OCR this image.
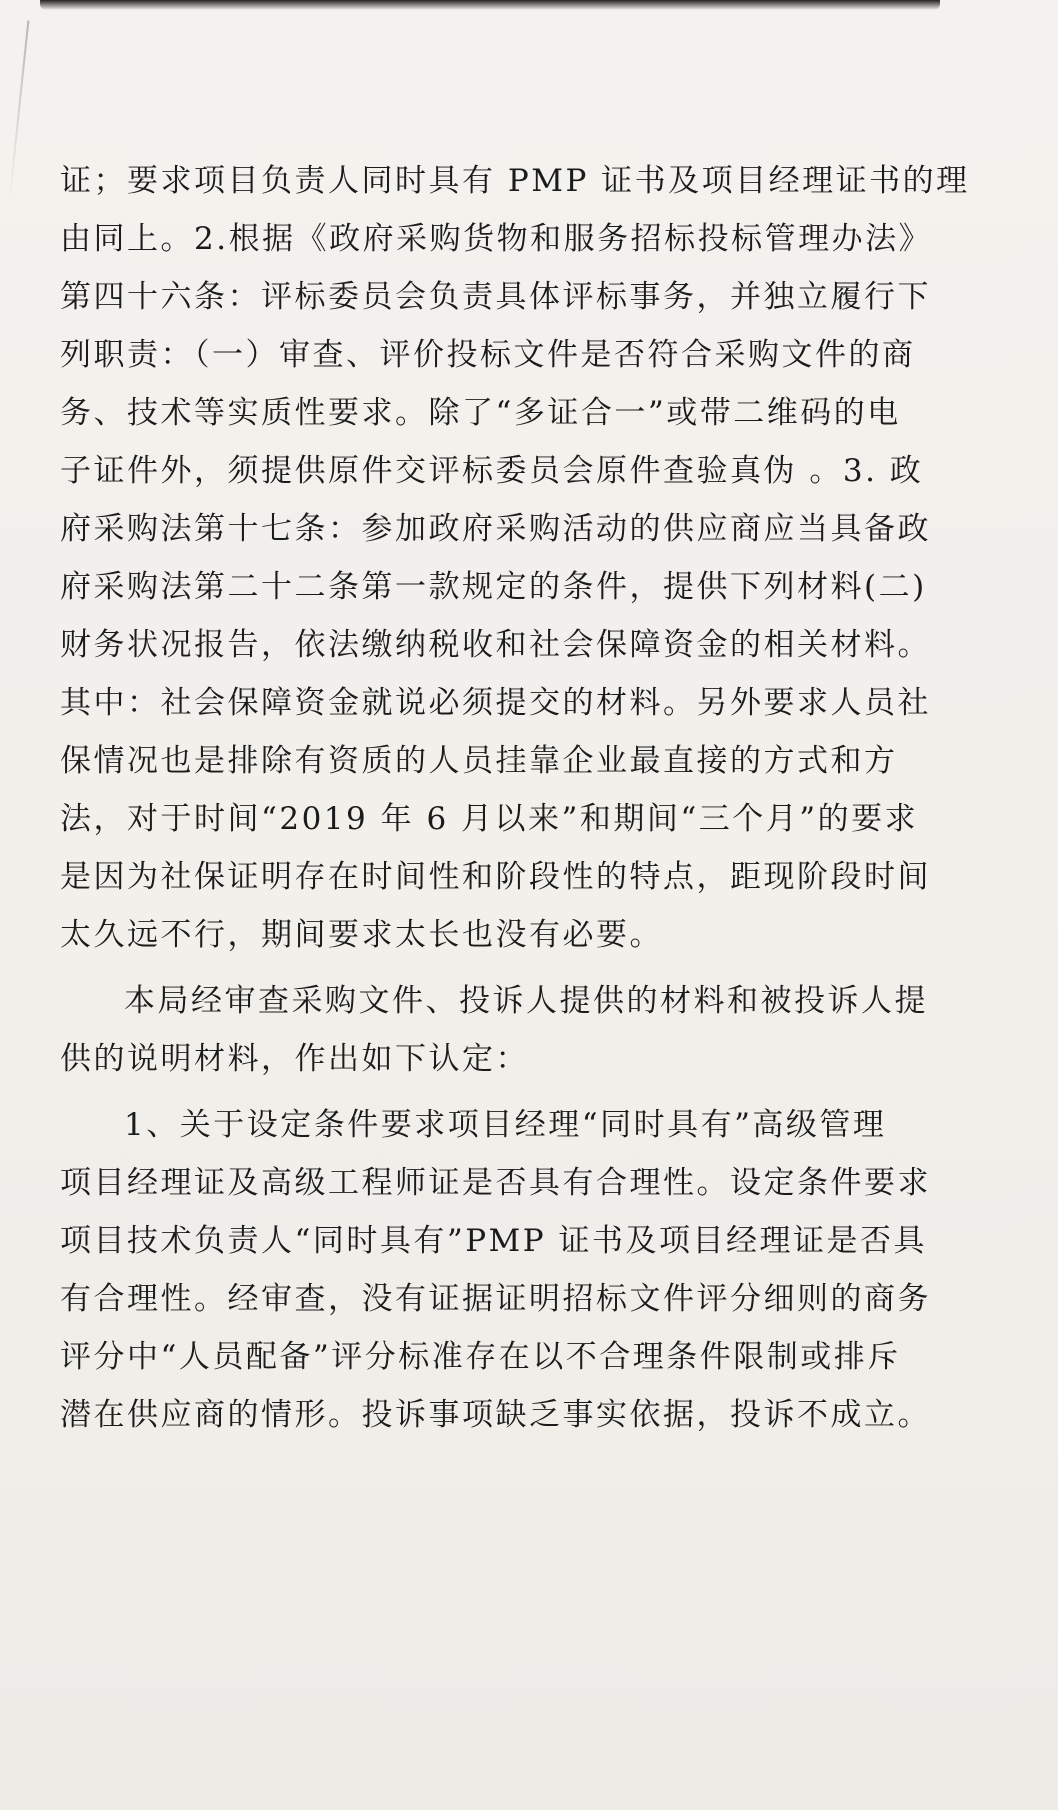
证；要求项目负责人同时具有 PMP 证书及项目经理证书的理
由同上。2.根据《政府采购货物和服务招标投标管理办法》
第四十六条：评标委员会负责具体评标事务，并独立履行下
列职责：（一）审查、评价投标文件是否符合采购文件的商
务、技术等实质性要求。除了“多证合一”或带二维码的电
子证件外，须提供原件交评标委员会原件查验真伪 。3. 政
府采购法第十七条：参加政府采购活动的供应商应当具备政
府采购法第二十二条第一款规定的条件，提供下列材料(二)
财务状况报告，依法缴纳税收和社会保障资金的相关材料。
其中：社会保障资金就说必须提交的材料。另外要求人员社
保情况也是排除有资质的人员挂靠企业最直接的方式和方
法，对于时间“2019 年 6 月以来”和期间“三个月”的要求
是因为社保证明存在时间性和阶段性的特点，距现阶段时间
太久远不行，期间要求太长也没有必要。
本局经审查采购文件、投诉人提供的材料和被投诉人提
供的说明材料，作出如下认定：
1、关于设定条件要求项目经理“同时具有”高级管理
项目经理证及高级工程师证是否具有合理性。设定条件要求
项目技术负责人“同时具有”PMP 证书及项目经理证是否具
有合理性。经审查，没有证据证明招标文件评分细则的商务
评分中“人员配备”评分标准存在以不合理条件限制或排斥
潜在供应商的情形。投诉事项缺乏事实依据，投诉不成立。
